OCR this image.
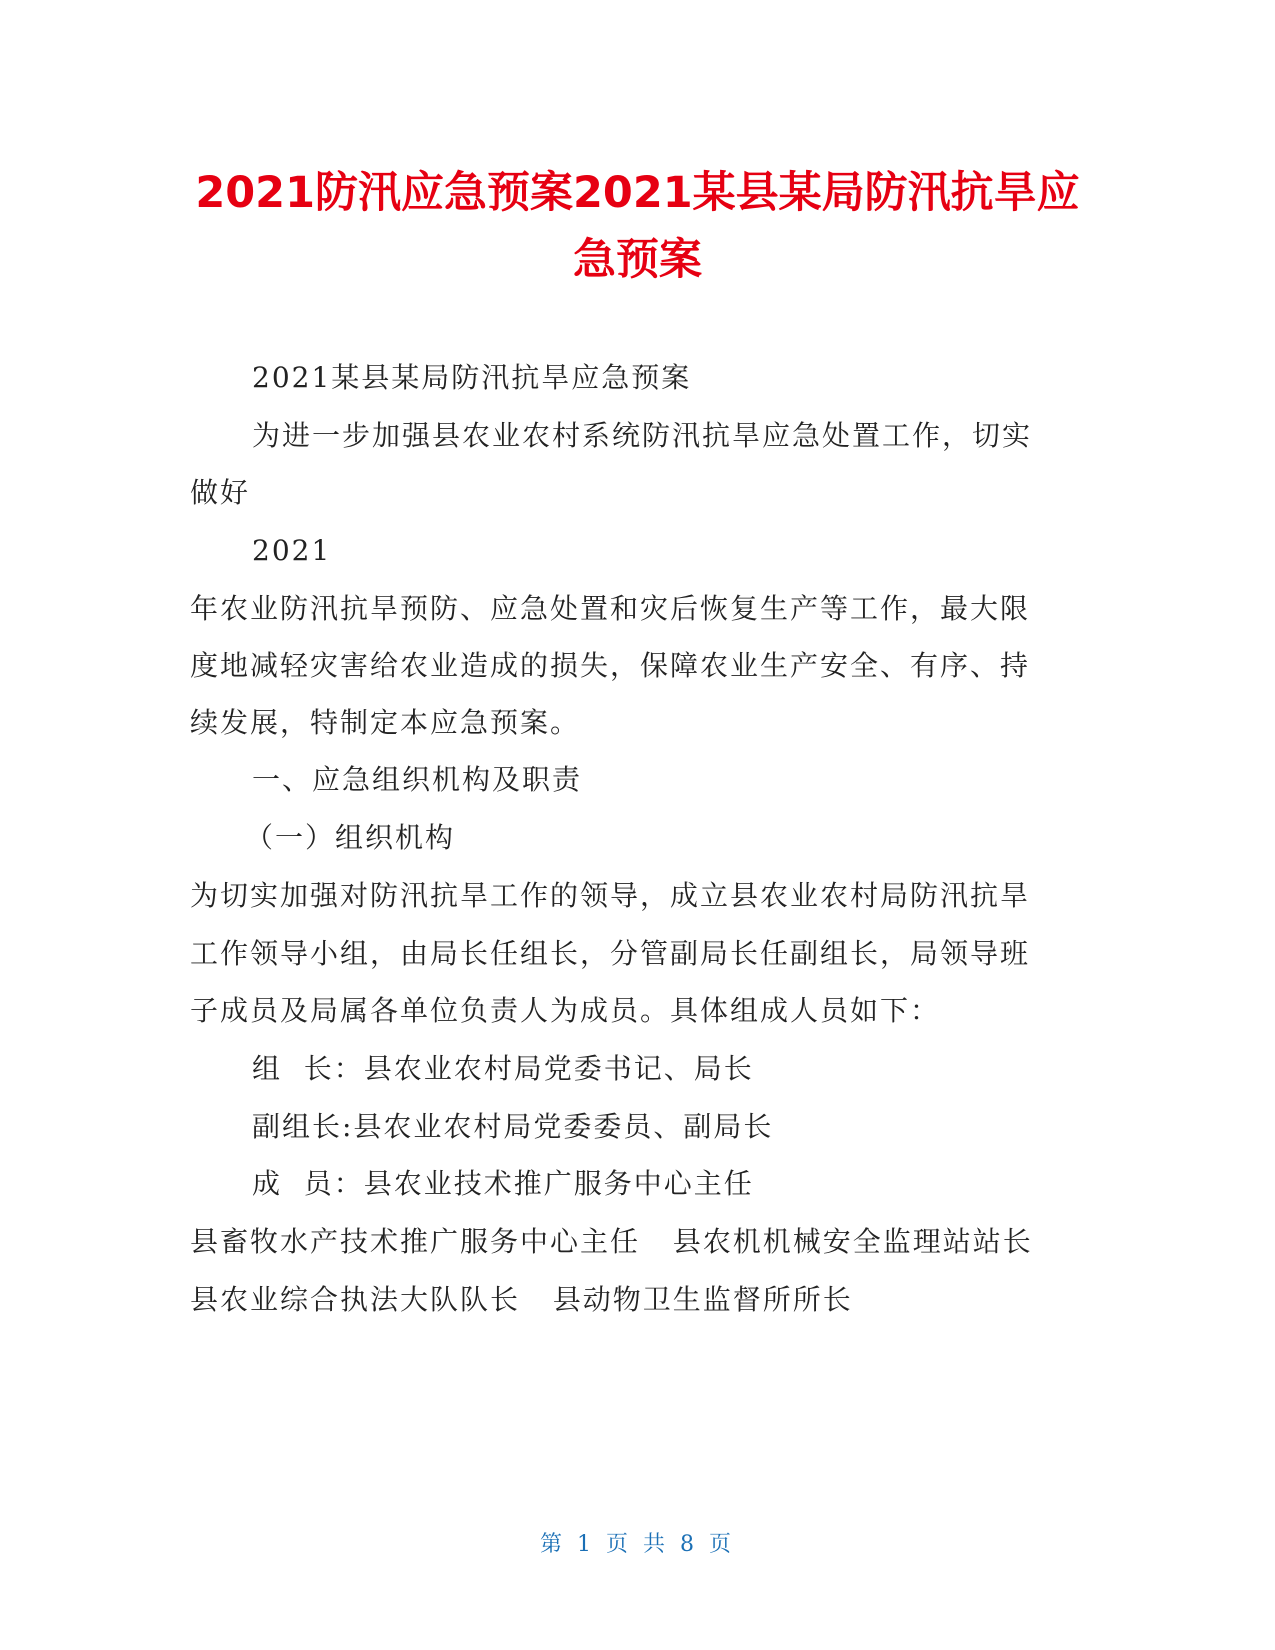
2021防汛应急预案2021某县某局防汛抗旱应
急预案
2021某县某局防汛抗旱应急预案
为进一步加强县农业农村系统防汛抗旱应急处置工作，切实
做好
2021
年农业防汛抗旱预防、应急处置和灾后恢复生产等工作，最大限
度地减轻灾害给农业造成的损失，保障农业生产安全、有序、持
续发展，特制定本应急预案。
一、应急组织机构及职责
（一）组织机构
为切实加强对防汛抗旱工作的领导，成立县农业农村局防汛抗旱
工作领导小组，由局长任组长，分管副局长任副组长，局领导班
子成员及局属各单位负责人为成员。具体组成人员如下：
组  长：县农业农村局党委书记、局长
副组长:县农业农村局党委委员、副局长
成  员：县农业技术推广服务中心主任
县畜牧水产技术推广服务中心主任   县农机机械安全监理站站长
县农业综合执法大队队长   县动物卫生监督所所长
第 1 页 共 8 页
